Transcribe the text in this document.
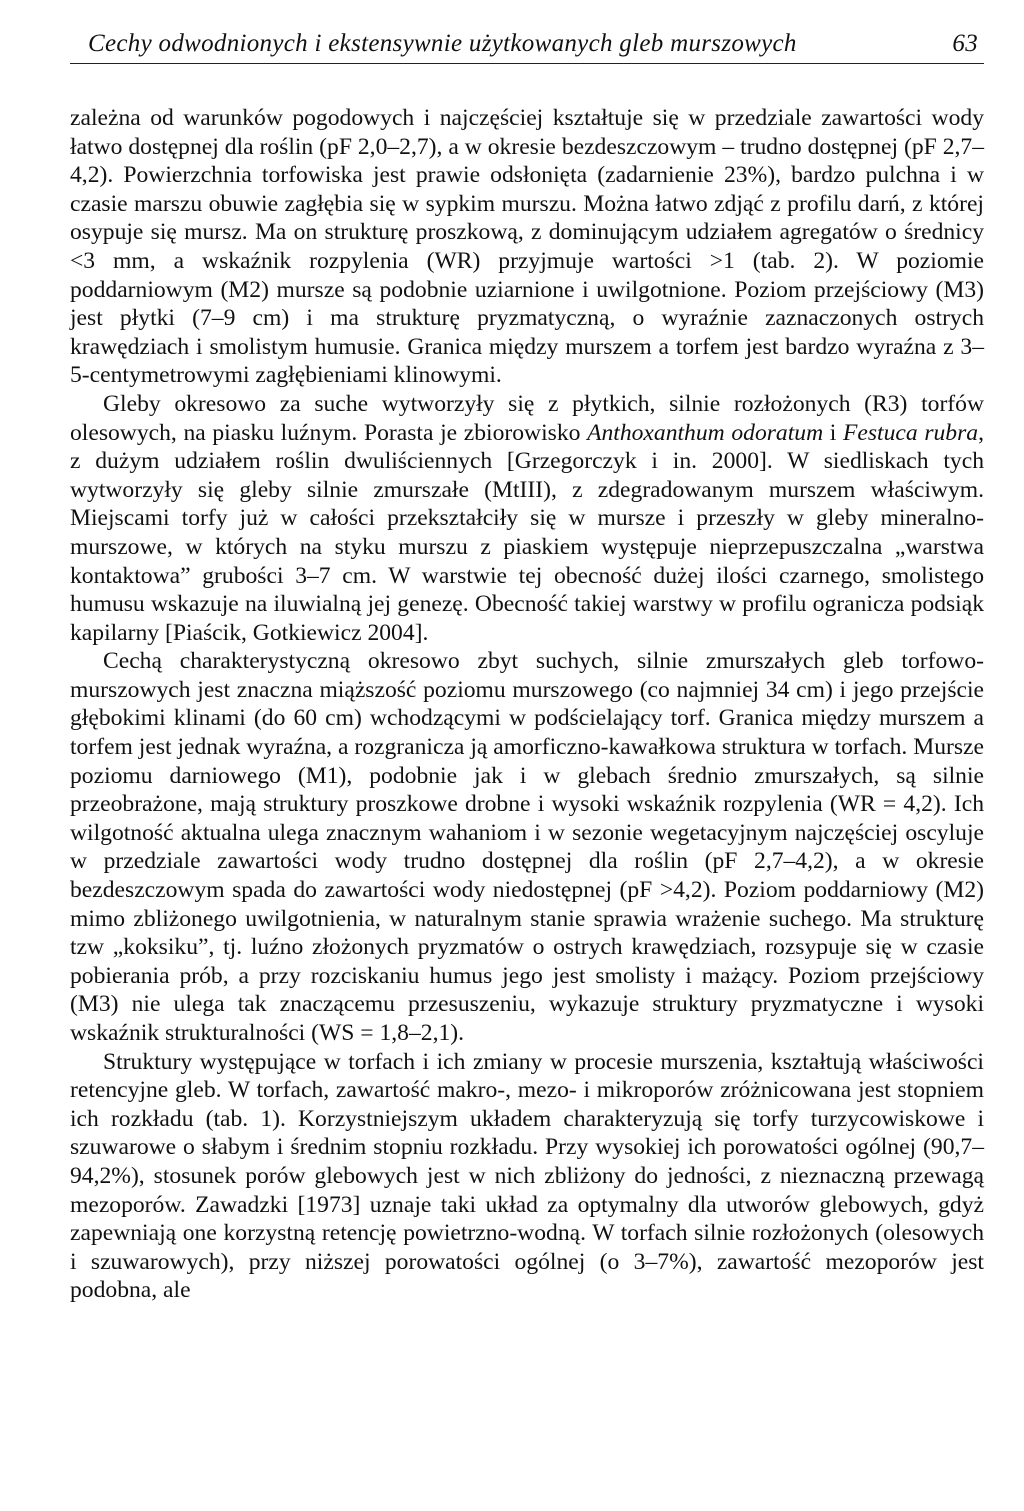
Cechy odwodnionych i ekstensywnie użytkowanych gleb murszowych	63

zależna od warunków pogodowych i najczęściej kształtuje się w przedziale zawartości wody łatwo dostępnej dla roślin (pF 2,0–2,7), a w okresie bezdeszczowym – trudno dostępnej (pF 2,7–4,2). Powierzchnia torfowiska jest prawie odsłonięta (zadarnienie 23%), bardzo pulchna i w czasie marszu obuwie zagłębia się w sypkim murszu. Można łatwo zdjąć z profilu darń, z której osypuje się mursz. Ma on strukturę proszkową, z dominującym udziałem agregatów o średnicy <3 mm, a wskaźnik rozpylenia (WR) przyjmuje wartości >1 (tab. 2). W poziomie poddarniowym (M2) mursze są podobnie uziarnione i uwilgotnione. Poziom przejściowy (M3) jest płytki (7–9 cm) i ma strukturę pryzmatyczną, o wyraźnie zaznaczonych ostrych krawędziach i smolistym humusie. Granica między murszem a torfem jest bardzo wyraźna z 3–5-centymetrowymi zagłębieniami klinowymi.

Gleby okresowo za suche wytworzyły się z płytkich, silnie rozłożonych (R3) torfów olesowych, na piasku luźnym. Porasta je zbiorowisko Anthoxanthum odoratum i Festuca rubra, z dużym udziałem roślin dwuliściennych [Grzegorczyk i in. 2000]. W siedliskach tych wytworzyły się gleby silnie zmurszałe (MtIII), z zdegradowanym murszem właściwym. Miejscami torfy już w całości przekształciły się w mursze i przeszły w gleby mineralno-murszowe, w których na styku murszu z piaskiem występuje nieprzepuszczalna „warstwa kontaktowa” grubości 3–7 cm. W warstwie tej obecność dużej ilości czarnego, smolistego humusu wskazuje na iluwialną jej genezę. Obecność takiej warstwy w profilu ogranicza podsiąk kapilarny [Piaścik, Gotkiewicz 2004].

Cechą charakterystyczną okresowo zbyt suchych, silnie zmurszałych gleb torfowo-murszowych jest znaczna miąższość poziomu murszowego (co najmniej 34 cm) i jego przejście głębokimi klinami (do 60 cm) wchodzącymi w podścielający torf. Granica między murszem a torfem jest jednak wyraźna, a rozgranicza ją amorficzno-kawałkowa struktura w torfach. Mursze poziomu darniowego (M1), podobnie jak i w glebach średnio zmurszałych, są silnie przeobrażone, mają struktury proszkowe drobne i wysoki wskaźnik rozpylenia (WR = 4,2). Ich wilgotność aktualna ulega znacznym wahaniom i w sezonie wegetacyjnym najczęściej oscyluje w przedziale zawartości wody trudno dostępnej dla roślin (pF 2,7–4,2), a w okresie bezdeszczowym spada do zawartości wody niedostępnej (pF >4,2). Poziom poddarniowy (M2) mimo zbliżonego uwilgotnienia, w naturalnym stanie sprawia wrażenie suchego. Ma strukturę tzw „koksiku”, tj. luźno złożonych pryzmatów o ostrych krawędziach, rozsypuje się w czasie pobierania prób, a przy rozciskaniu humus jego jest smolisty i mażący. Poziom przejściowy (M3) nie ulega tak znaczącemu przesuszeniu, wykazuje struktury pryzmatyczne i wysoki wskaźnik strukturalności (WS = 1,8–2,1).

Struktury występujące w torfach i ich zmiany w procesie murszenia, kształtują właściwości retencyjne gleb. W torfach, zawartość makro-, mezo- i mikroporów zróżnicowana jest stopniem ich rozkładu (tab. 1). Korzystniejszym układem charakteryzują się torfy turzycowiskowe i szuwarowe o słabym i średnim stopniu rozkładu. Przy wysokiej ich porowatości ogólnej (90,7–94,2%), stosunek porów glebowych jest w nich zbliżony do jedności, z nieznaczną przewagą mezoporów. Zawadzki [1973] uznaje taki układ za optymalny dla utworów glebowych, gdyż zapewniają one korzystną retencję powietrzno-wodną. W torfach silnie rozłożonych (olesowych i szuwarowych), przy niższej porowatości ogólnej (o 3–7%), zawartość mezoporów jest podobna, ale
